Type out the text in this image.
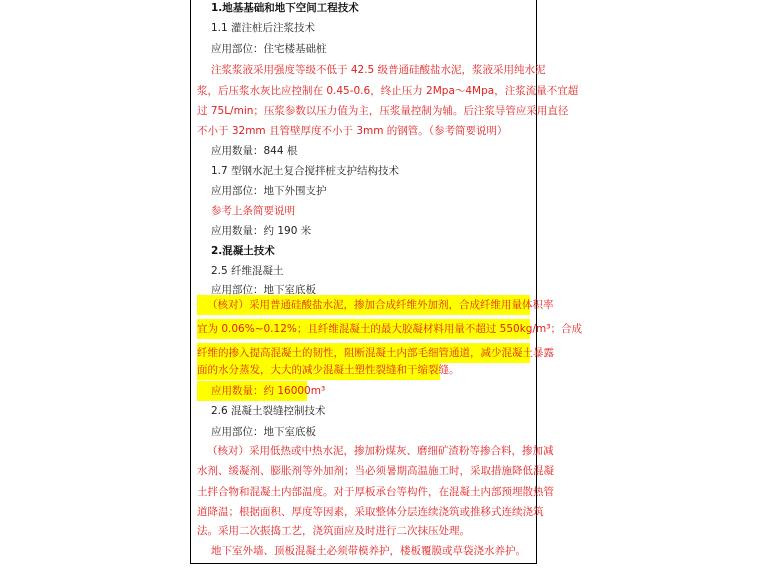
1.地基基础和地下空间工程技术
1.1 灌注桩后注浆技术
应用部位：住宅楼基础桩
注浆浆液采用强度等级不低于 42.5 级普通硅酸盐水泥，浆液采用纯水泥
浆，后压浆水灰比应控制在 0.45-0.6，终止压力 2Mpa～4Mpa，注浆流量不宜超
过 75L/min；压浆参数以压力值为主，压浆量控制为辅。后注浆导管应采用直径
不小于 32mm 且管壁厚度不小于 3mm 的钢管。（参考简要说明）
应用数量：844 根
1.7 型钢水泥土复合搅拌桩支护结构技术
应用部位：地下外围支护
参考上条简要说明
应用数量：约 190 米
2.混凝土技术
2.5 纤维混凝土
应用部位：地下室底板
（核对）采用普通硅酸盐水泥，掺加合成纤维外加剂，合成纤维用量体积率
宜为 0.06%~0.12%；且纤维混凝土的最大胶凝材料用量不超过 550kg/m³；合成
纤维的掺入提高混凝土的韧性，阻断混凝土内部毛细管通道，减少混凝土暴露
面的水分蒸发，大大的减少混凝土塑性裂缝和干缩裂缝。
应用数量：约 16000m³
2.6 混凝土裂缝控制技术
应用部位：地下室底板
（核对）采用低热或中热水泥，掺加粉煤灰、磨细矿渣粉等掺合料，掺加减
水剂、缓凝剂、膨胀剂等外加剂；当必须暑期高温施工时，采取措施降低混凝
土拌合物和混凝土内部温度。对于厚板承台等构件，在混凝土内部预埋散热管
道降温；根据面积、厚度等因素，采取整体分层连续浇筑或推移式连续浇筑
法。采用二次振捣工艺，浇筑面应及时进行二次抹压处理。
地下室外墙、顶板混凝土必须带模养护，楼板覆膜或草袋浇水养护。
